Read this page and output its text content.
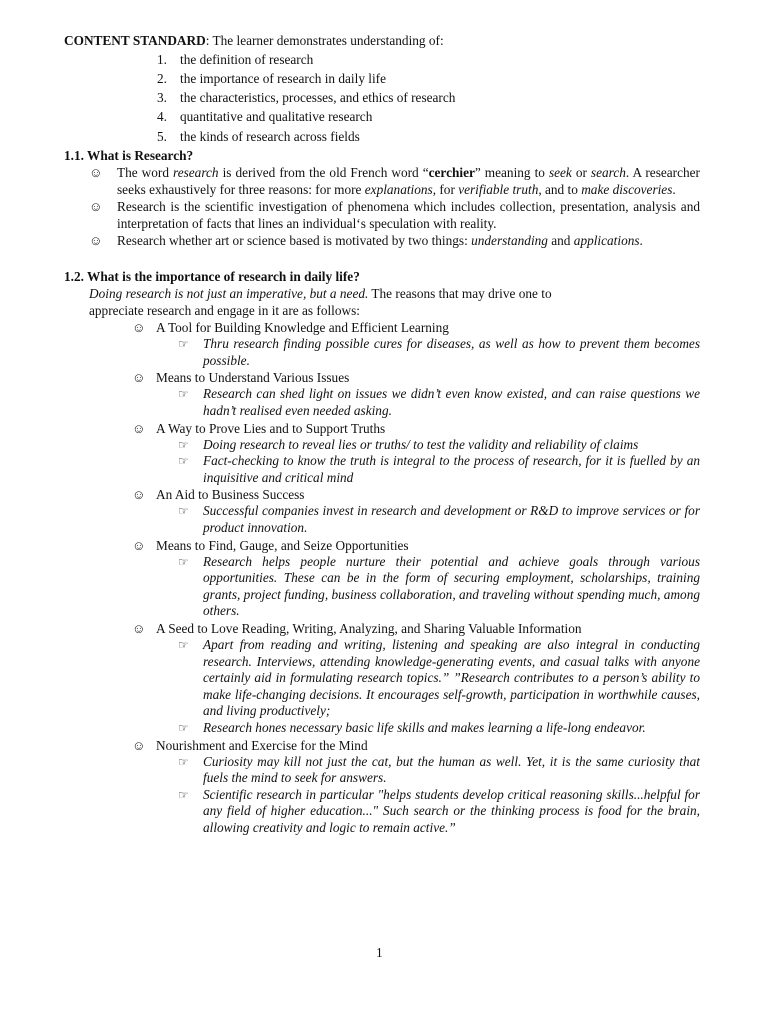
CONTENT STANDARD: The learner demonstrates understanding of:

1. the definition of research
2. the importance of research in daily life
3. the characteristics, processes, and ethics of research
4. quantitative and qualitative research
5. the kinds of research across fields
1.1. What is Research?
☺	The word research is derived from the old French word “cerchier” meaning to seek or search. A researcher seeks exhaustively for three reasons: for more explanations, for verifiable truth, and to make discoveries.
☺	Research is the scientific investigation of phenomena which includes collection, presentation, analysis and interpretation of facts that lines an individual‘s speculation with reality.
☺	Research whether art or science based is motivated by two things: understanding and applications.
1.2. What is the importance of research in daily life?
Doing research is not just an imperative, but a need. The reasons that may drive one to
appreciate research and engage in it are as follows:
☺ A Tool for Building Knowledge and Efficient Learning
☞	Thru research finding possible cures for diseases, as well as how to prevent them becomes possible.
☺ Means to Understand Various Issues
☞	Research can shed light on issues we didn’t even know existed, and can raise questions we hadn’t realised even needed asking.
☺ A Way to Prove Lies and to Support Truths
☞	Doing research to reveal lies or truths/ to test the validity and reliability of claims
☞	Fact-checking to know the truth is integral to the process of research, for it is fuelled by an inquisitive and critical mind
☺ An Aid to Business Success
☞	Successful companies invest in research and development or R&D to improve services or for product innovation.
☺ Means to Find, Gauge, and Seize Opportunities
☞	Research helps people nurture their potential and achieve goals through various opportunities. These can be in the form of securing employment, scholarships, training grants, project funding, business collaboration, and traveling without spending much, among others.
☺ A Seed to Love Reading, Writing, Analyzing, and Sharing Valuable Information
☞	Apart from reading and writing, listening and speaking are also integral in conducting research. Interviews, attending knowledge-generating events, and casual talks with anyone certainly aid in formulating research topics.” ”Research contributes to a person’s ability to make life-changing decisions. It encourages self-growth, participation in worthwhile causes, and living productively;
☞	Research hones necessary basic life skills and makes learning a life-long endeavor.
☺ Nourishment and Exercise for the Mind
☞	Curiosity may kill not just the cat, but the human as well. Yet, it is the same curiosity that fuels the mind to seek for answers.
☞	Scientific research in particular "helps students develop critical reasoning skills...helpful for any field of higher education..." Such search or the thinking process is food for the brain, allowing creativity and logic to remain active.”
1
